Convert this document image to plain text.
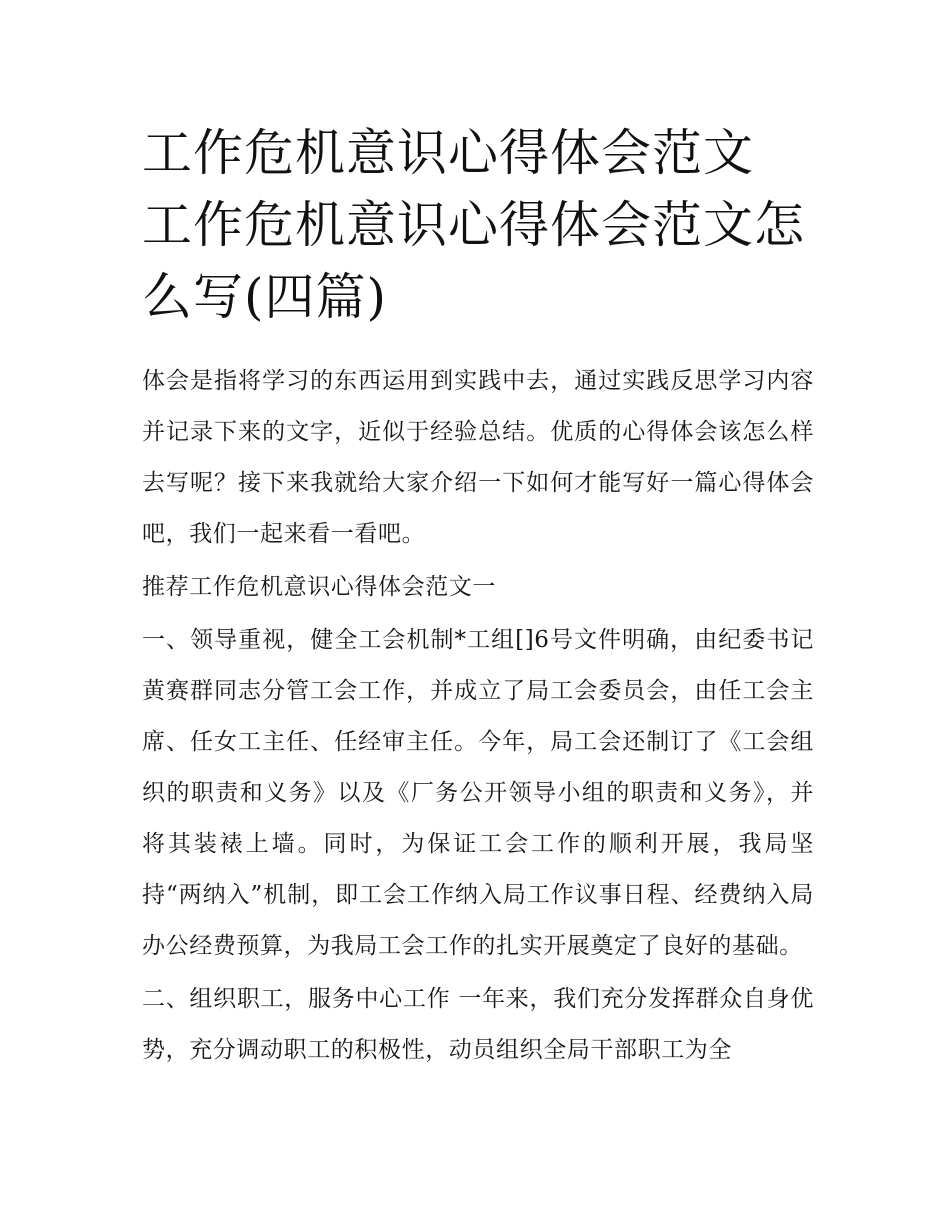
工作危机意识心得体会范文 工作危机意识心得体会范文怎么写(四篇)

体会是指将学习的东西运用到实践中去，通过实践反思学习内容并记录下来的文字，近似于经验总结。优质的心得体会该怎么样去写呢？接下来我就给大家介绍一下如何才能写好一篇心得体会吧，我们一起来看一看吧。

推荐工作危机意识心得体会范文一

一、领导重视，健全工会机制*工组[]6号文件明确，由纪委书记黄赛群同志分管工会工作，并成立了局工会委员会，由任工会主席、任女工主任、任经审主任。今年，局工会还制订了《工会组织的职责和义务》以及《厂务公开领导小组的职责和义务》，并将其装裱上墙。同时，为保证工会工作的顺利开展，我局坚持“两纳入”机制，即工会工作纳入局工作议事日程、经费纳入局办公经费预算，为我局工会工作的扎实开展奠定了良好的基础。

二、组织职工，服务中心工作 一年来，我们充分发挥群众自身优势，充分调动职工的积极性，动员组织全局干部职工为全
